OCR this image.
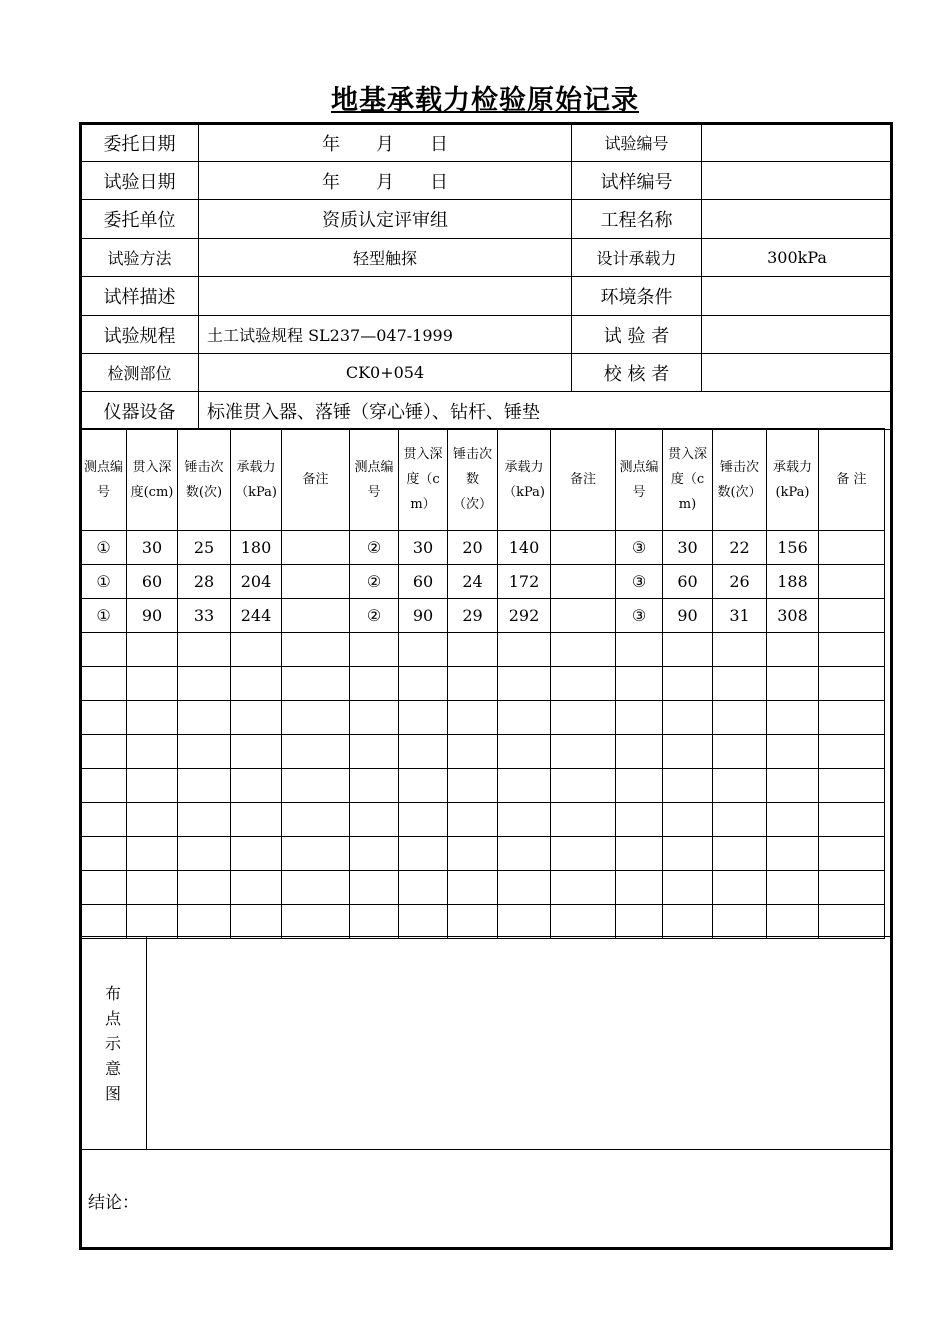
地基承载力检验原始记录
委托日期	年　　月　　日	试验编号	
试验日期	年　　月　　日	试样编号	
委托单位	资质认定评审组	工程名称	
试验方法	轻型触探	设计承载力	300kPa
试样描述		环境条件	
试验规程	土工试验规程 SL237—047-1999	试 验 者	
检测部位	CK0+054	校 核 者	
仪器设备	标准贯入器、落锤（穿心锤）、钻杆、锤垫		
测点编号	贯入深度(cm)	锤击次数(次)	承载力（kPa)	备注	测点编号	贯入深度（cm）	锤击次数（次）	承载力（kPa)	备注	测点编号	贯入深度（cm)	锤击次数(次）	承载力(kPa)	备 注
①	30	25	180		②	30	20	140		③	30	22	156	
①	60	28	204		②	60	24	172		③	60	26	188	
①	90	33	244		②	90	29	292		③	90	31	308	

布点示意图
结论：
